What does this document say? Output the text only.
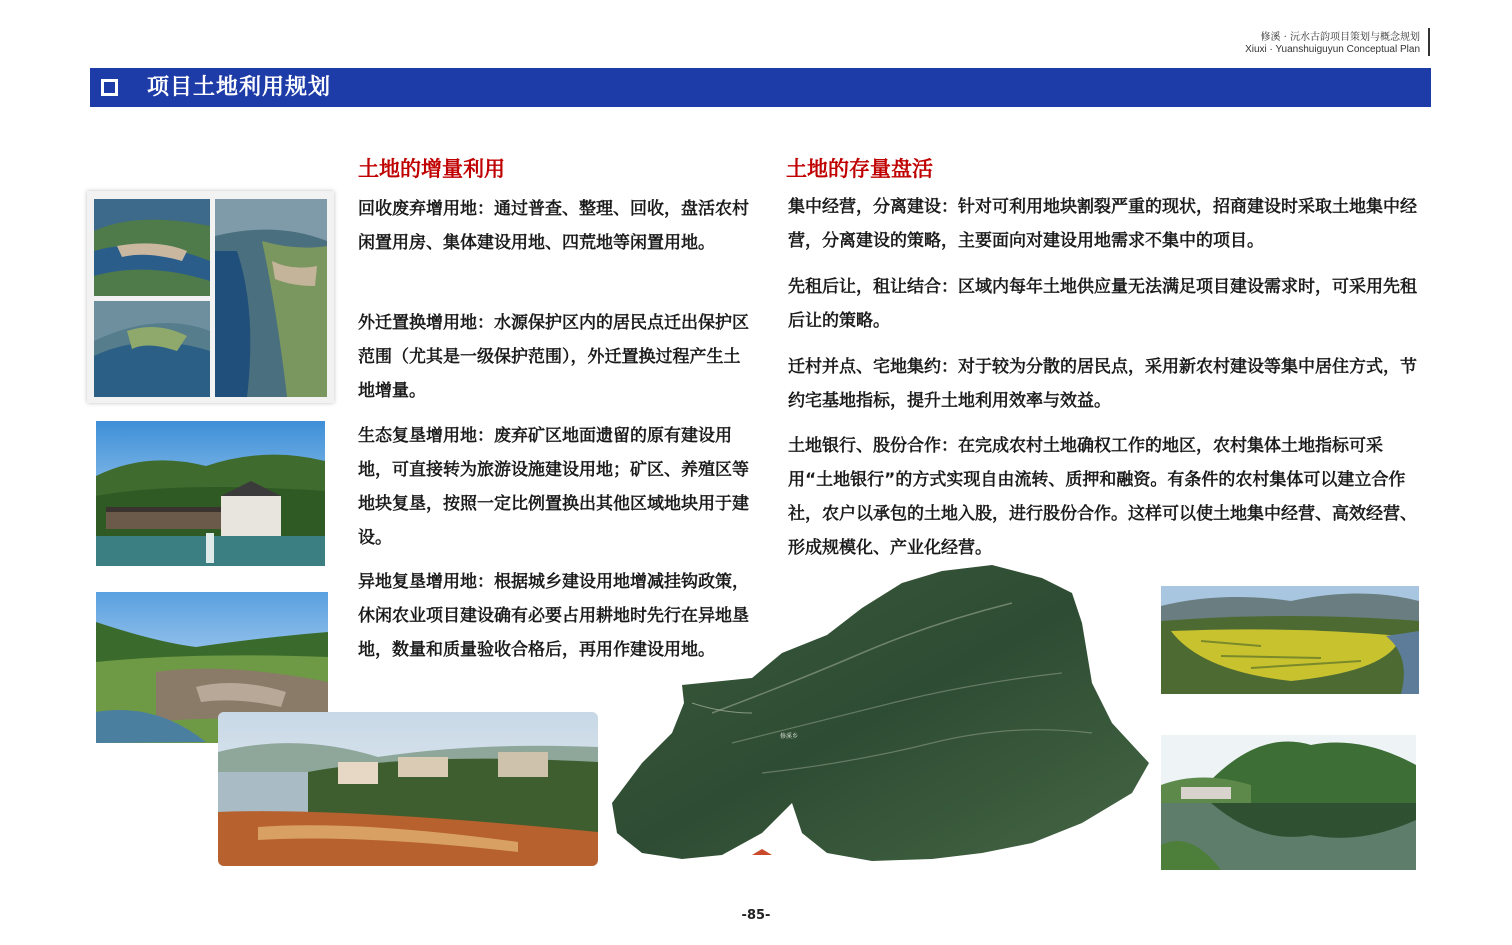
修溪 · 沅水古韵项目策划与概念规划
Xiuxi · Yuanshuiguyun Conceptual Plan
项目土地利用规划
土地的增量利用
回收废弃增用地：通过普查、整理、回收，盘活农村闲置用房、集体建设用地、四荒地等闲置用地。
外迁置换增用地：水源保护区内的居民点迁出保护区范围（尤其是一级保护范围），外迁置换过程产生土地增量。
生态复垦增用地：废弃矿区地面遗留的原有建设用地，可直接转为旅游设施建设用地；矿区、养殖区等地块复垦，按照一定比例置换出其他区域地块用于建设。
异地复垦增用地：根据城乡建设用地增减挂钩政策，休闲农业项目建设确有必要占用耕地时先行在异地垦地，数量和质量验收合格后，再用作建设用地。
土地的存量盘活
集中经营，分离建设：针对可利用地块割裂严重的现状，招商建设时采取土地集中经营，分离建设的策略，主要面向对建设用地需求不集中的项目。
先租后让，租让结合：区域内每年土地供应量无法满足项目建设需求时，可采用先租后让的策略。
迁村并点、宅地集约：对于较为分散的居民点，采用新农村建设等集中居住方式，节约宅基地指标，提升土地利用效率与效益。
土地银行、股份合作：在完成农村土地确权工作的地区，农村集体土地指标可采用“土地银行”的方式实现自由流转、质押和融资。有条件的农村集体可以建立合作社，农户以承包的土地入股，进行股份合作。这样可以使土地集中经营、高效经营、形成规模化、产业化经营。
修溪乡
-85-
